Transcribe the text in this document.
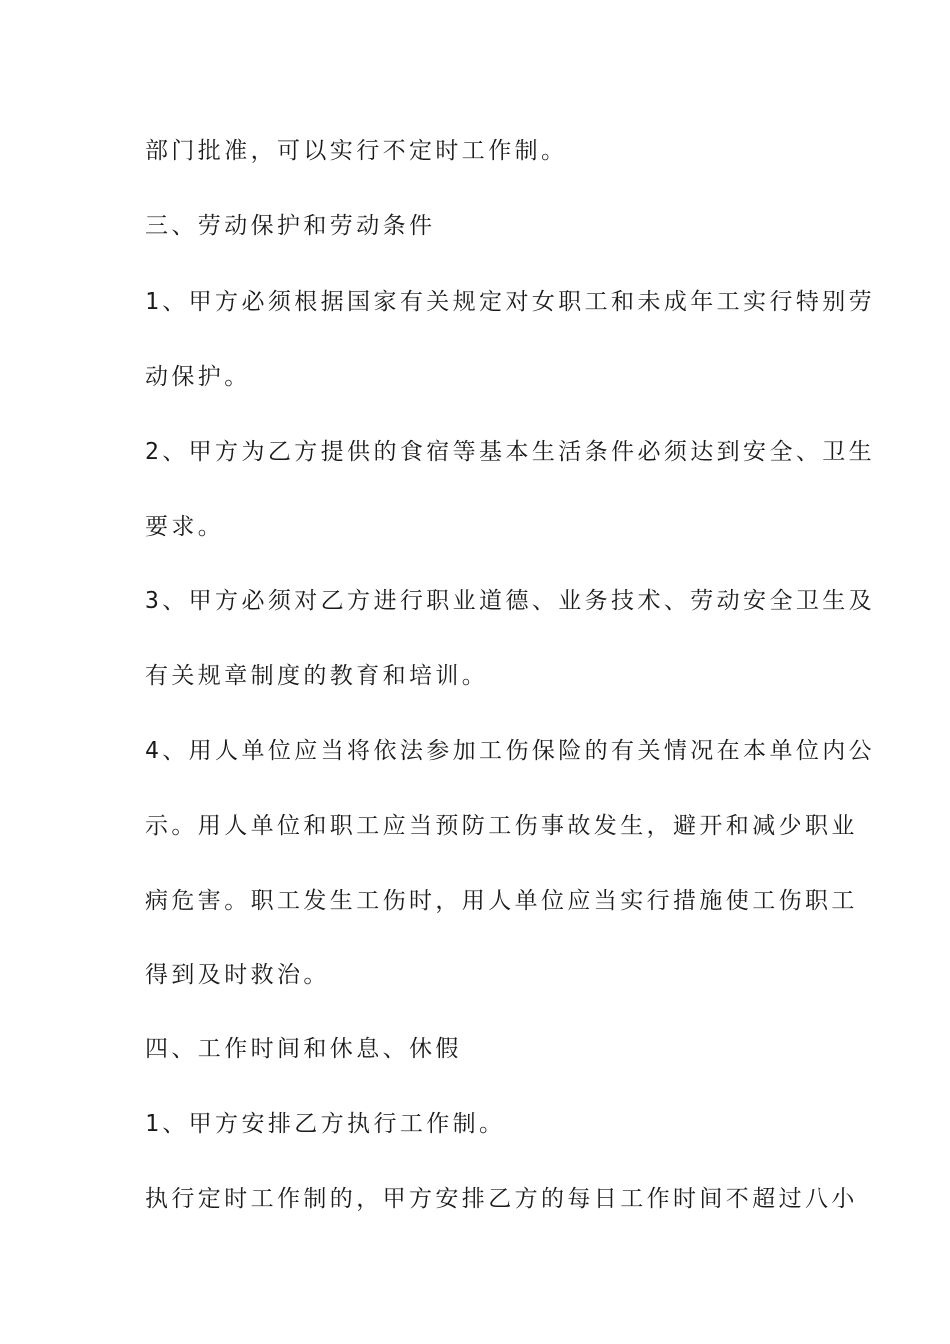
部门批准，可以实行不定时工作制。

三、劳动保护和劳动条件

1、甲方必须根据国家有关规定对女职工和未成年工实行特别劳

动保护。

2、甲方为乙方提供的食宿等基本生活条件必须达到安全、卫生

要求。

3、甲方必须对乙方进行职业道德、业务技术、劳动安全卫生及

有关规章制度的教育和培训。

4、用人单位应当将依法参加工伤保险的有关情况在本单位内公

示。用人单位和职工应当预防工伤事故发生，避开和减少职业

病危害。职工发生工伤时，用人单位应当实行措施使工伤职工

得到及时救治。

四、工作时间和休息、休假

1、甲方安排乙方执行工作制。

执行定时工作制的，甲方安排乙方的每日工作时间不超过八小
